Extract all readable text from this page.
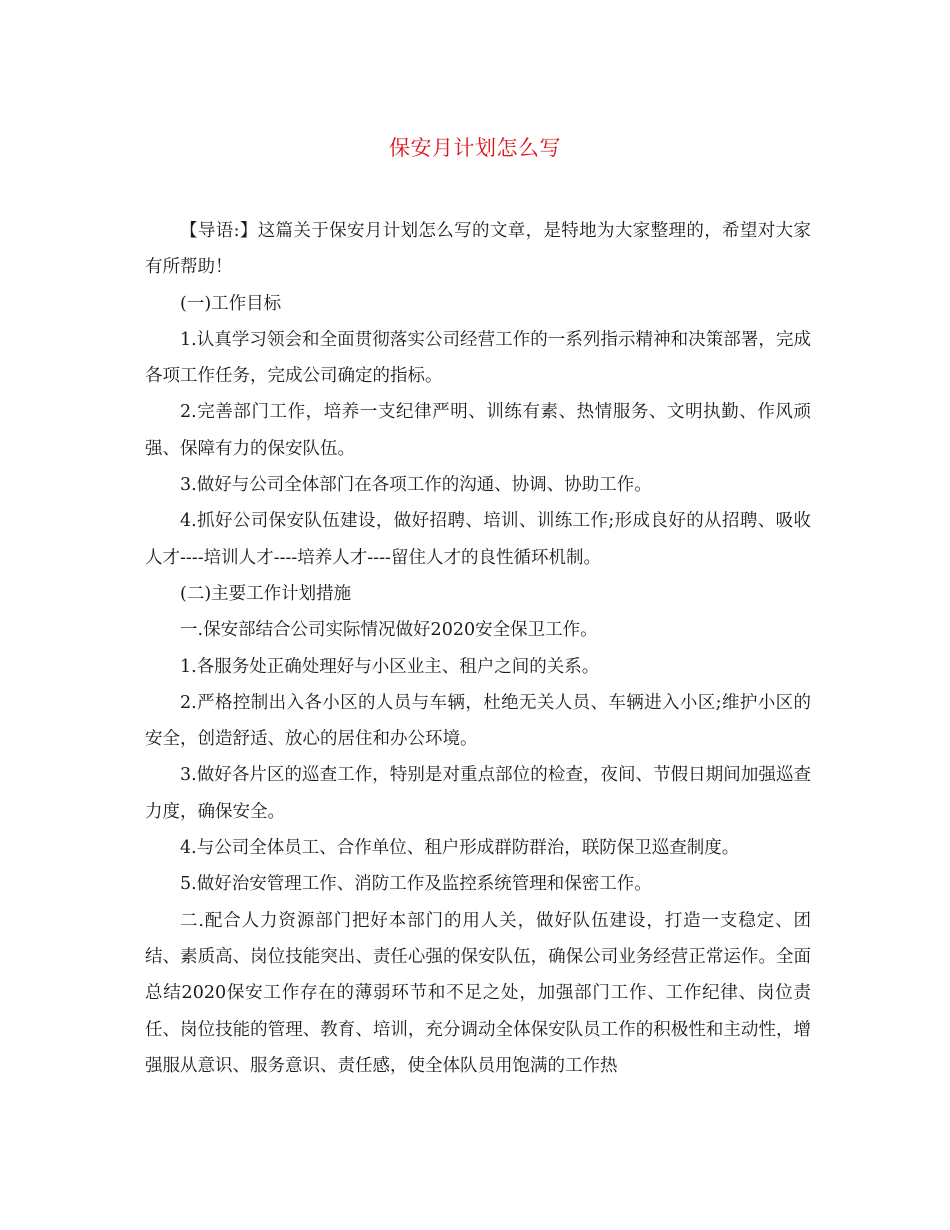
保安月计划怎么写

【导语:】这篇关于保安月计划怎么写的文章，是特地为大家整理的，希望对大家有所帮助！

(一)工作目标

1.认真学习领会和全面贯彻落实公司经营工作的一系列指示精神和决策部署，完成各项工作任务，完成公司确定的指标。

2.完善部门工作，培养一支纪律严明、训练有素、热情服务、文明执勤、作风顽强、保障有力的保安队伍。

3.做好与公司全体部门在各项工作的沟通、协调、协助工作。

4.抓好公司保安队伍建设，做好招聘、培训、训练工作;形成良好的从招聘、吸收人才----培训人才----培养人才----留住人才的良性循环机制。

(二)主要工作计划措施

一.保安部结合公司实际情况做好2020安全保卫工作。

1.各服务处正确处理好与小区业主、租户之间的关系。

2.严格控制出入各小区的人员与车辆，杜绝无关人员、车辆进入小区;维护小区的安全，创造舒适、放心的居住和办公环境。

3.做好各片区的巡查工作，特别是对重点部位的检查，夜间、节假日期间加强巡查力度，确保安全。

4.与公司全体员工、合作单位、租户形成群防群治，联防保卫巡查制度。

5.做好治安管理工作、消防工作及监控系统管理和保密工作。

二.配合人力资源部门把好本部门的用人关，做好队伍建设，打造一支稳定、团结、素质高、岗位技能突出、责任心强的保安队伍，确保公司业务经营正常运作。全面总结2020保安工作存在的薄弱环节和不足之处，加强部门工作、工作纪律、岗位责任、岗位技能的管理、教育、培训，充分调动全体保安队员工作的积极性和主动性，增强服从意识、服务意识、责任感，使全体队员用饱满的工作热
